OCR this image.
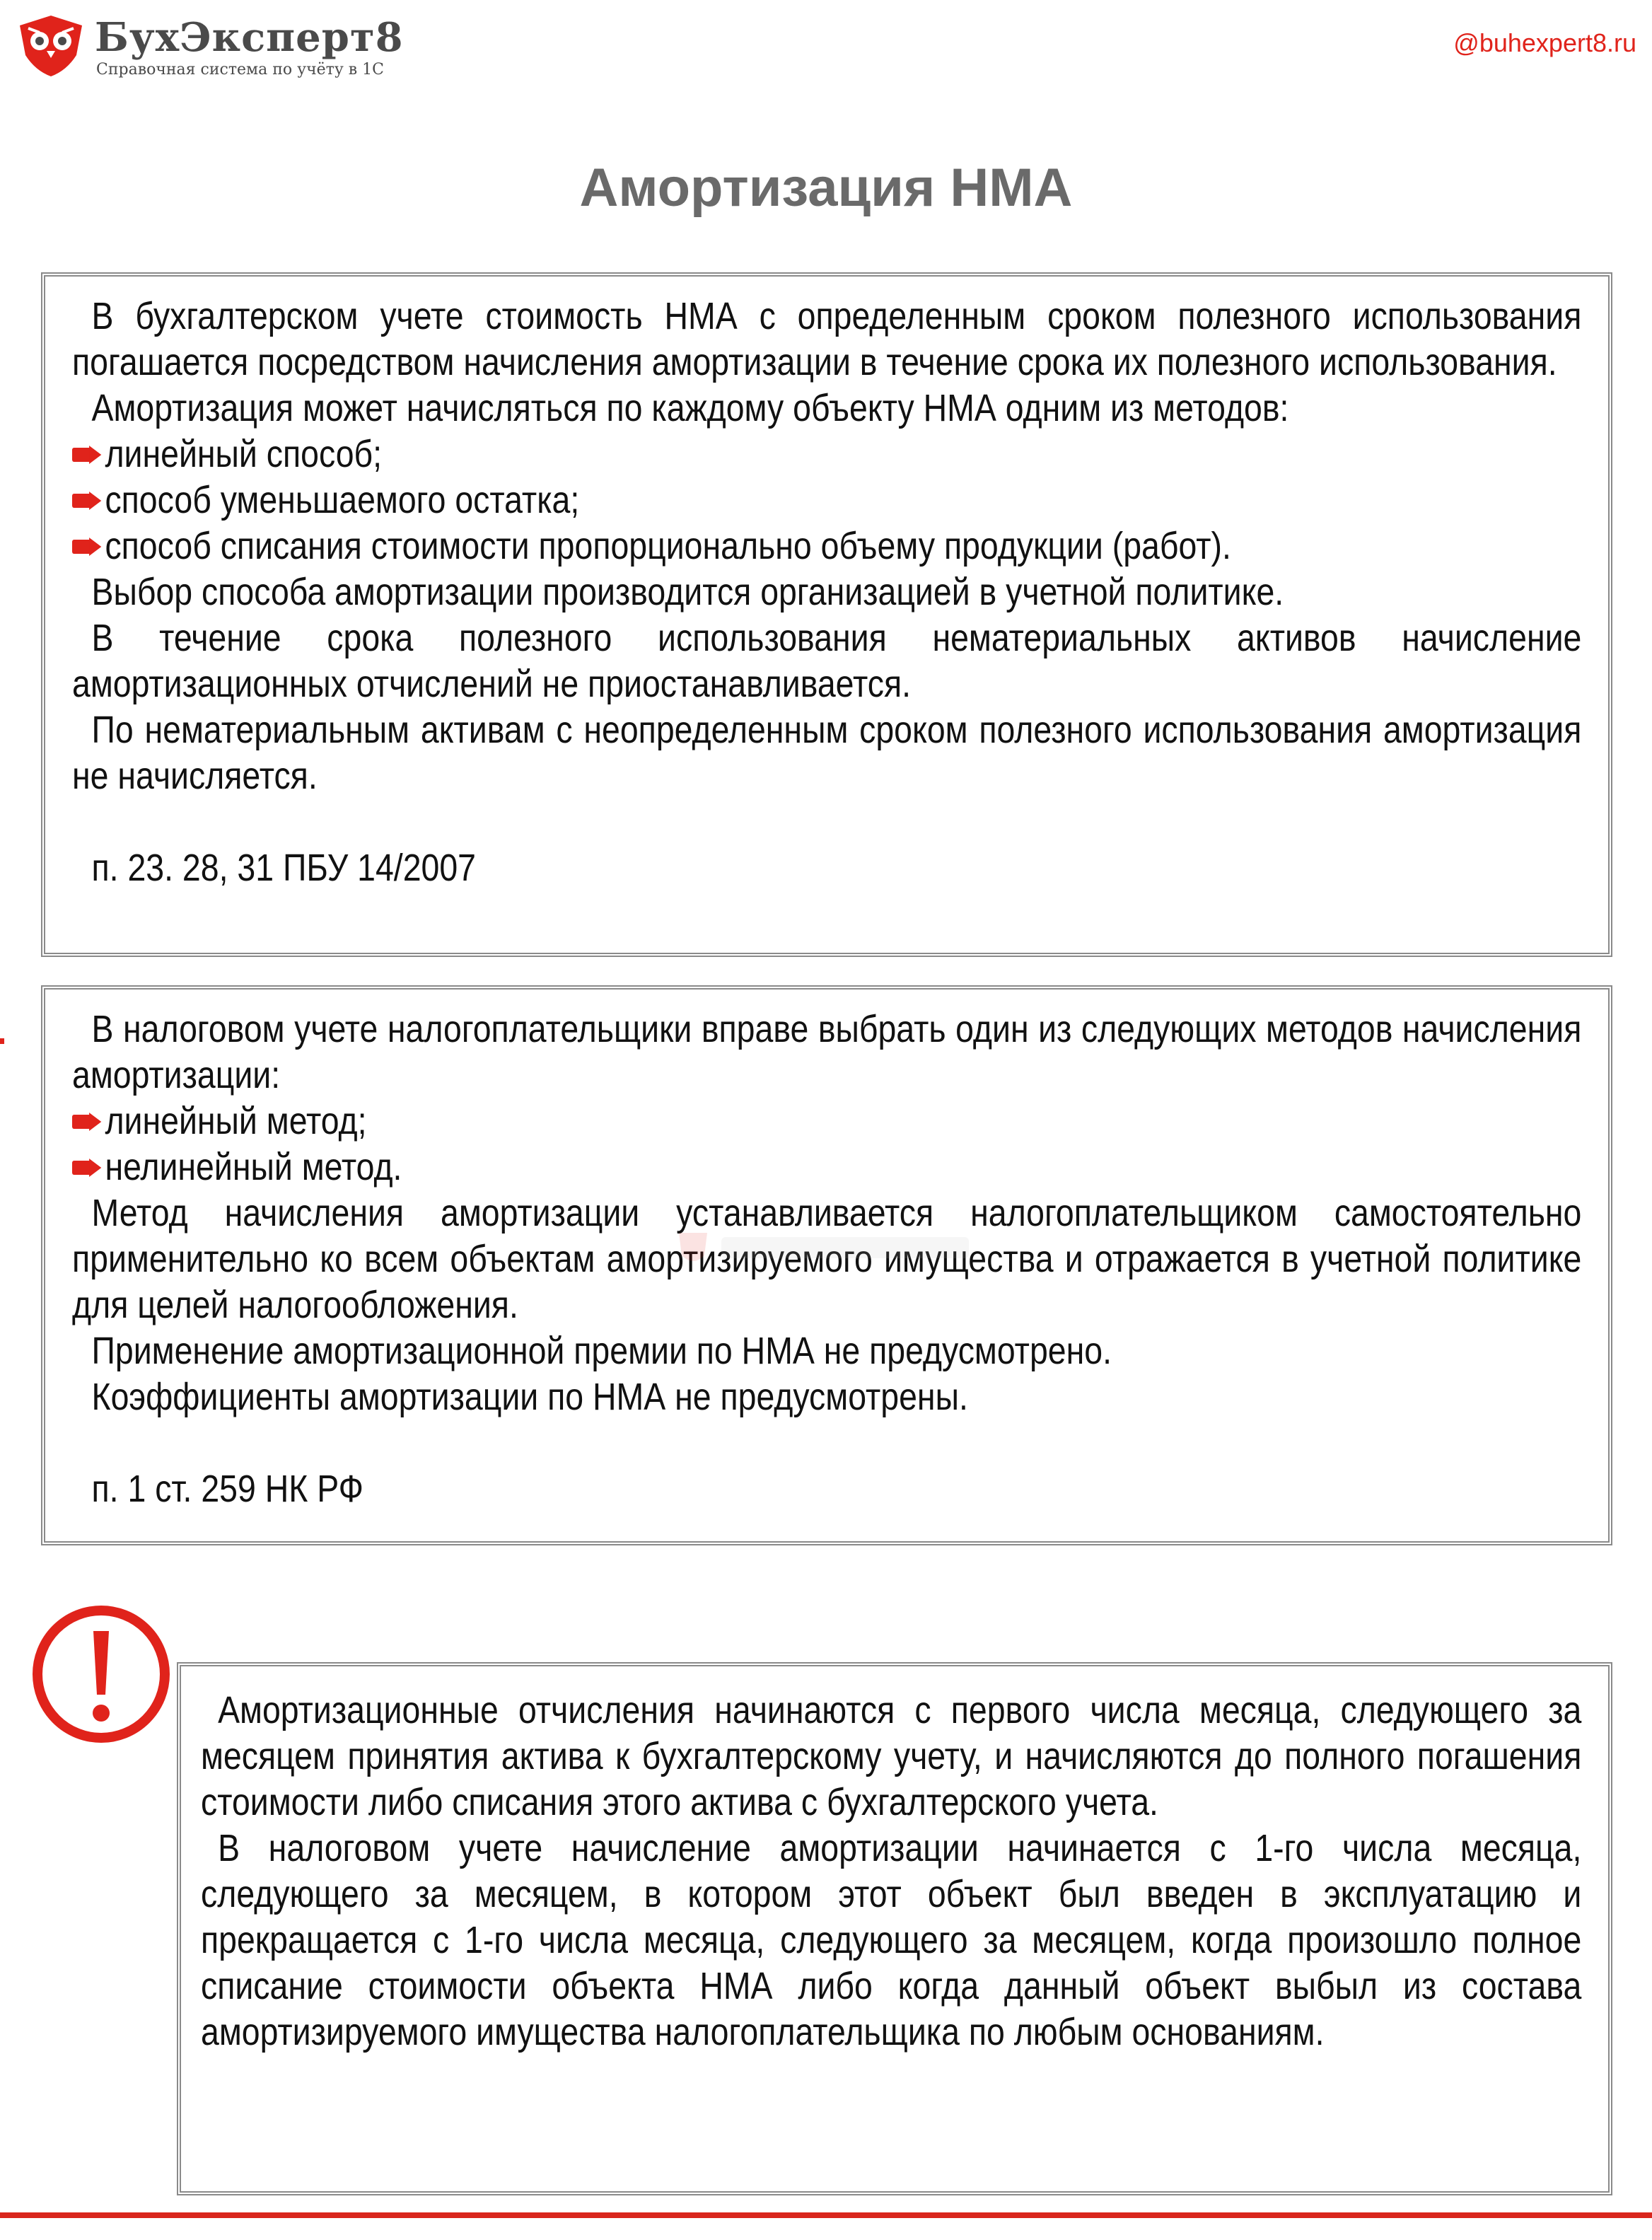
БухЭксперт8
Справочная система по учёту в 1С
@buhexpert8.ru
Амортизация НМА

В бухгалтерском учете стоимость НМА с определенным сроком полезного использования погашается посредством начисления амортизации в течение срока их полезного использования.

Амортизация может начисляться по каждому объекту НМА одним из методов:

линейный способ;

способ уменьшаемого остатка;

способ списания стоимости пропорционально объему продукции (работ).

Выбор способа амортизации производится организацией в учетной политике.

В течение срока полезного использования нематериальных активов начисление амортизационных отчислений не приостанавливается.

По нематериальным активам с неопределенным сроком полезного использования амортизация не начисляется.

п. 23. 28, 31 ПБУ 14/2007

В налоговом учете налогоплательщики вправе выбрать один из следующих методов начисления амортизации:

линейный метод;

нелинейный метод.

Метод начисления амортизации устанавливается налогоплательщиком самостоятельно применительно ко всем объектам амортизируемого имущества и отражается в учетной политике для целей налогообложения.

Применение амортизационной премии по НМА не предусмотрено.

Коэффициенты амортизации по НМА не предусмотрены.

п. 1 ст. 259 НК РФ

Амортизационные отчисления начинаются с первого числа месяца, следующего за месяцем принятия актива к бухгалтерскому учету, и начисляются до полного погашения стоимости либо списания этого актива с бухгалтерского учета.

В налоговом учете начисление амортизации начинается с 1-го числа месяца, следующего за месяцем, в котором этот объект был введен в эксплуатацию и прекращается с 1-го числа месяца, следующего за месяцем, когда произошло полное списание стоимости объекта НМА либо когда данный объект выбыл из состава амортизируемого имущества налогоплательщика по любым основаниям.
